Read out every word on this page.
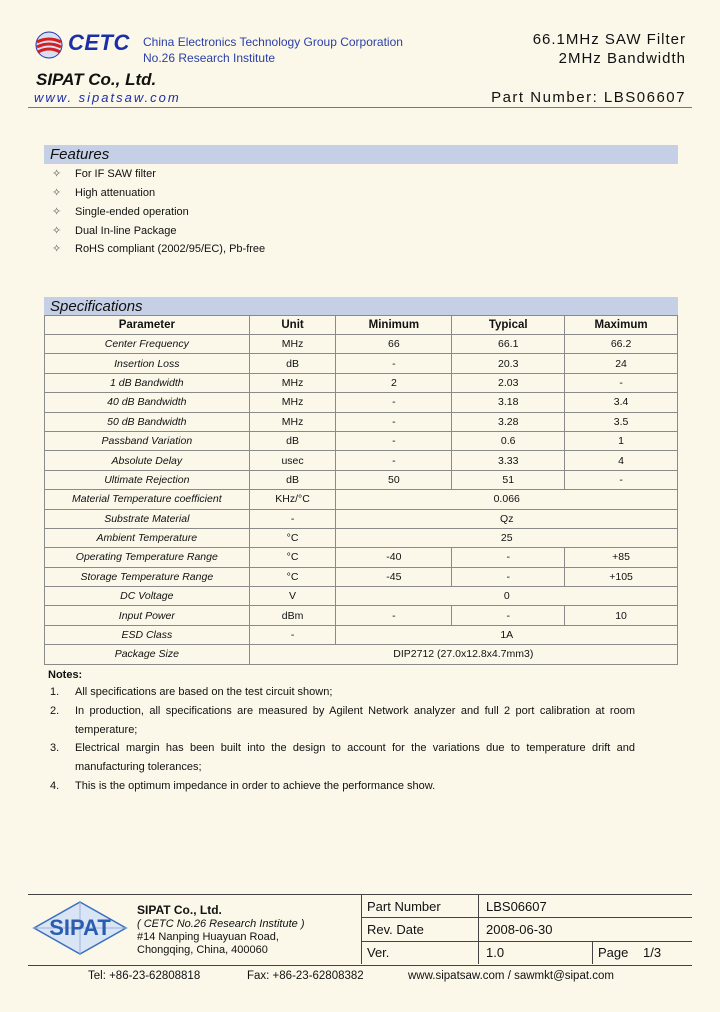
CETC China Electronics Technology Group Corporation
No.26 Research Institute
SIPAT Co., Ltd.
www. sipatsaw.com
66.1MHz SAW Filter
2MHz Bandwidth
Part Number: LBS06607
Features
✧ For IF SAW filter
✧ High attenuation
✧ Single-ended operation
✧ Dual In-line Package
✧ RoHS compliant (2002/95/EC), Pb-free
Specifications
Parameter	Unit	Minimum	Typical	Maximum
Center Frequency	MHz	66	66.1	66.2
Insertion Loss	dB	-	20.3	24
1 dB Bandwidth	MHz	2	2.03	-
40 dB Bandwidth	MHz	-	3.18	3.4
50 dB Bandwidth	MHz	-	3.28	3.5
Passband Variation	dB	-	0.6	1
Absolute Delay	usec	-	3.33	4
Ultimate Rejection	dB	50	51	-
Material Temperature coefficient	KHz/°C	0.066		
Substrate Material	-	Qz		
Ambient Temperature	°C	25		
Operating Temperature Range	°C	-40	-	+85
Storage Temperature Range	°C	-45	-	+105
DC Voltage	V	0		
Input Power	dBm	-	-	10
ESD Class	-	1A		
Package Size	DIP2712 (27.0x12.8x4.7mm3)			
Notes:
1. All specifications are based on the test circuit shown;
2. In production, all specifications are measured by Agilent Network analyzer and full 2 port calibration at room temperature;
3. Electrical margin has been built into the design to account for the variations due to temperature drift and manufacturing tolerances;
4. This is the optimum impedance in order to achieve the performance show.
SIPAT
SIPAT Co., Ltd.
( CETC No.26 Research Institute )
#14 Nanping Huayuan Road,
Chongqing, China, 400060
Part Number	LBS06607
Rev. Date	2008-06-30
Ver.	1.0	Page 1/3
Tel: +86-23-62808818	Fax: +86-23-62808382	www.sipatsaw.com / sawmkt@sipat.com
